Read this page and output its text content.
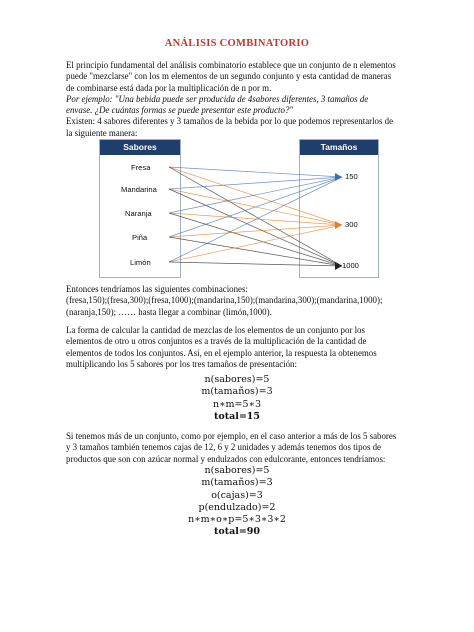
ANÁLISIS COMBINATORIO

El principio fundamental del análisis combinatorio establece que un conjunto de n elementos
puede "mezclarse" con los m elementos de un segundo conjunto y esta cantidad de maneras
de combinarse está dada por la multiplicación de n por m.
Por ejemplo: "Una bebida puede ser producida de 4sabores diferentes, 3 tamaños de
envase. ¿De cuántas formas se puede presentar este producto?"
Existen: 4 sabores diferentes y 3 tamaños de la bebida por lo que podemos representarlos de
la siguiente manera:

Sabores	Tamaños
Fresa
Mandarina
Naranja
Piña
Limón
150
300
1000

Entonces tendríamos las siguientes combinaciones:
(fresa,150);(fresa,300);(fresa,1000);(mandarina,150);(mandarina,300);(mandarina,1000);
(naranja,150); …… hasta llegar a combinar (limón,1000).

La forma de calcular la cantidad de mezclas de los elementos de un conjunto por los
elementos de otro u otros conjuntos es a través de la multiplicación de la cantidad de
elementos de todos los conjuntos. Así, en el ejemplo anterior, la respuesta la obtenemos
multiplicando los 5 sabores por los tres tamaños de presentación:

n(sabores)=5
m(tamaños)=3
n∗m=5∗3
total=15

Si tenemos más de un conjunto, como por ejemplo, en el caso anterior a más de los 5 sabores
y 3 tamaños también tenemos cajas de 12, 6 y 2 unidades y además tenemos dos tipos de
productos que son con azúcar normal y endulzados con edulcorante, entonces tendríamos:

n(sabores)=5
m(tamaños)=3
o(cajas)=3
p(endulzado)=2
n∗m∗o∗p=5∗3∗3∗2
total=90
